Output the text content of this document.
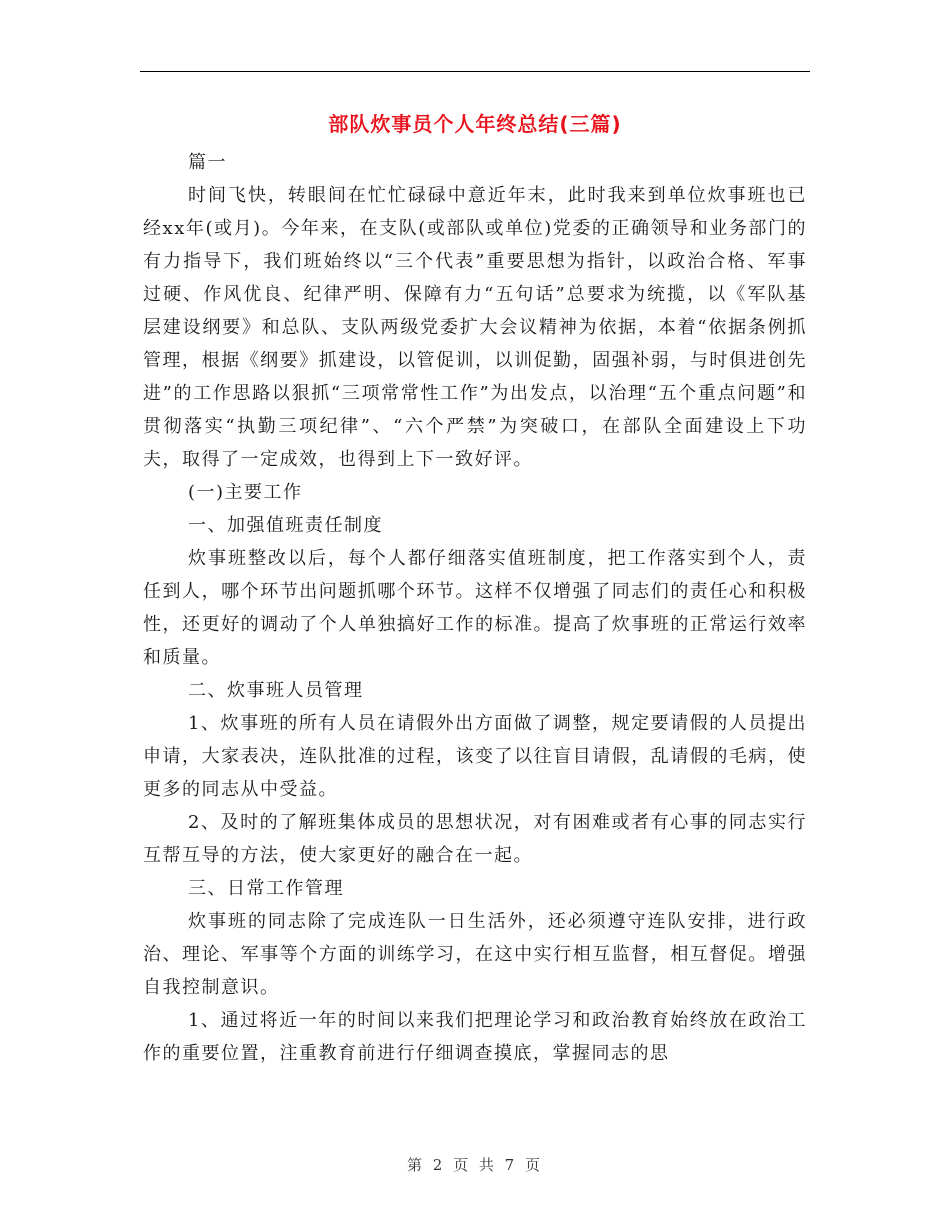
部队炊事员个人年终总结(三篇)

篇一

时间飞快，转眼间在忙忙碌碌中意近年末，此时我来到单位炊事班也已经xx年(或月)。今年来，在支队(或部队或单位)党委的正确领导和业务部门的有力指导下，我们班始终以“三个代表”重要思想为指针，以政治合格、军事过硬、作风优良、纪律严明、保障有力“五句话”总要求为统揽，以《军队基层建设纲要》和总队、支队两级党委扩大会议精神为依据，本着“依据条例抓管理，根据《纲要》抓建设，以管促训，以训促勤，固强补弱，与时俱进创先进”的工作思路以狠抓“三项常常性工作”为出发点，以治理“五个重点问题”和贯彻落实“执勤三项纪律”、“六个严禁”为突破口，在部队全面建设上下功夫，取得了一定成效，也得到上下一致好评。

(一)主要工作

一、加强值班责任制度

炊事班整改以后，每个人都仔细落实值班制度，把工作落实到个人，责任到人，哪个环节出问题抓哪个环节。这样不仅增强了同志们的责任心和积极性，还更好的调动了个人单独搞好工作的标准。提高了炊事班的正常运行效率和质量。

二、炊事班人员管理

1、炊事班的所有人员在请假外出方面做了调整，规定要请假的人员提出申请，大家表决，连队批准的过程，该变了以往盲目请假，乱请假的毛病，使更多的同志从中受益。

2、及时的了解班集体成员的思想状况，对有困难或者有心事的同志实行互帮互导的方法，使大家更好的融合在一起。

三、日常工作管理

炊事班的同志除了完成连队一日生活外，还必须遵守连队安排，进行政治、理论、军事等个方面的训练学习，在这中实行相互监督，相互督促。增强自我控制意识。

1、通过将近一年的时间以来我们把理论学习和政治教育始终放在政治工作的重要位置，注重教育前进行仔细调查摸底，掌握同志的思

第 2 页 共 7 页
